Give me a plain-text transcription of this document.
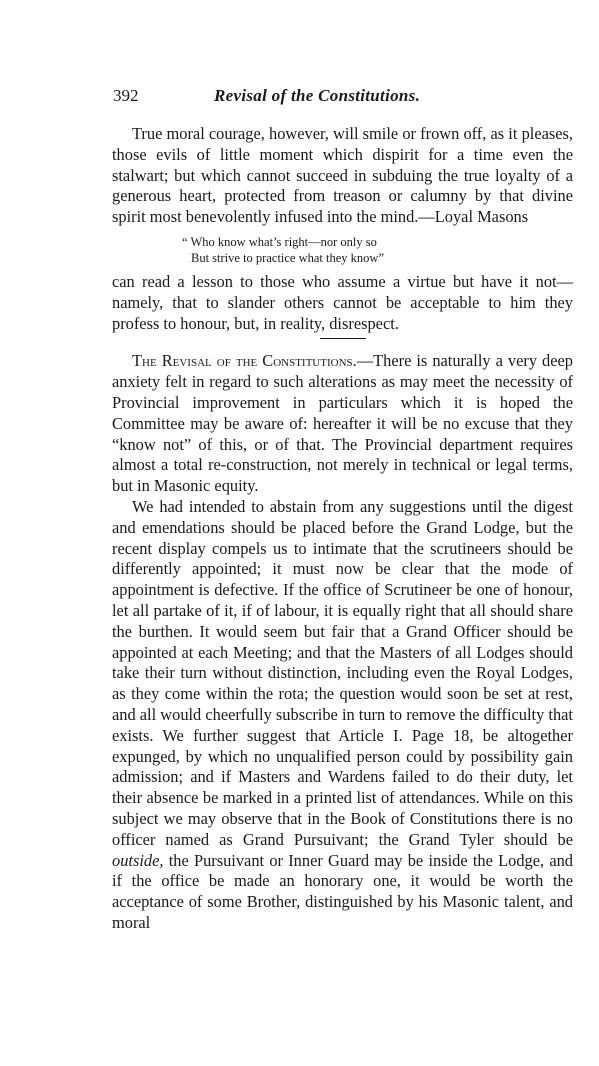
392	Revisal of the Constitutions.

True moral courage, however, will smile or frown off, as it pleases, those evils of little moment which dispirit for a time even the stalwart; but which cannot succeed in subduing the true loyalty of a generous heart, protected from treason or calumny by that divine spirit most benevolently infused into the mind.—Loyal Masons

“ Who know what’s right—nor only so
But strive to practice what they know”

can read a lesson to those who assume a virtue but have it not—namely, that to slander others cannot be acceptable to him they profess to honour, but, in reality, disrespect.

The Revisal of the Constitutions.—There is naturally a very deep anxiety felt in regard to such alterations as may meet the necessity of Provincial improvement in particulars which it is hoped the Committee may be aware of: hereafter it will be no excuse that they “know not” of this, or of that. The Provincial department requires almost a total re-construction, not merely in technical or legal terms, but in Masonic equity.

We had intended to abstain from any suggestions until the digest and emendations should be placed before the Grand Lodge, but the recent display compels us to intimate that the scrutineers should be differently appointed; it must now be clear that the mode of appointment is defective. If the office of Scrutineer be one of honour, let all partake of it, if of labour, it is equally right that all should share the burthen. It would seem but fair that a Grand Officer should be appointed at each Meeting; and that the Masters of all Lodges should take their turn without distinction, including even the Royal Lodges, as they come within the rota; the question would soon be set at rest, and all would cheerfully subscribe in turn to remove the difficulty that exists. We further suggest that Article I. Page 18, be altogether expunged, by which no unqualified person could by possibility gain admission; and if Masters and Wardens failed to do their duty, let their absence be marked in a printed list of attendances. While on this subject we may observe that in the Book of Constitutions there is no officer named as Grand Pursuivant; the Grand Tyler should be outside, the Pursuivant or Inner Guard may be inside the Lodge, and if the office be made an honorary one, it would be worth the acceptance of some Brother, distinguished by his Masonic talent, and moral
